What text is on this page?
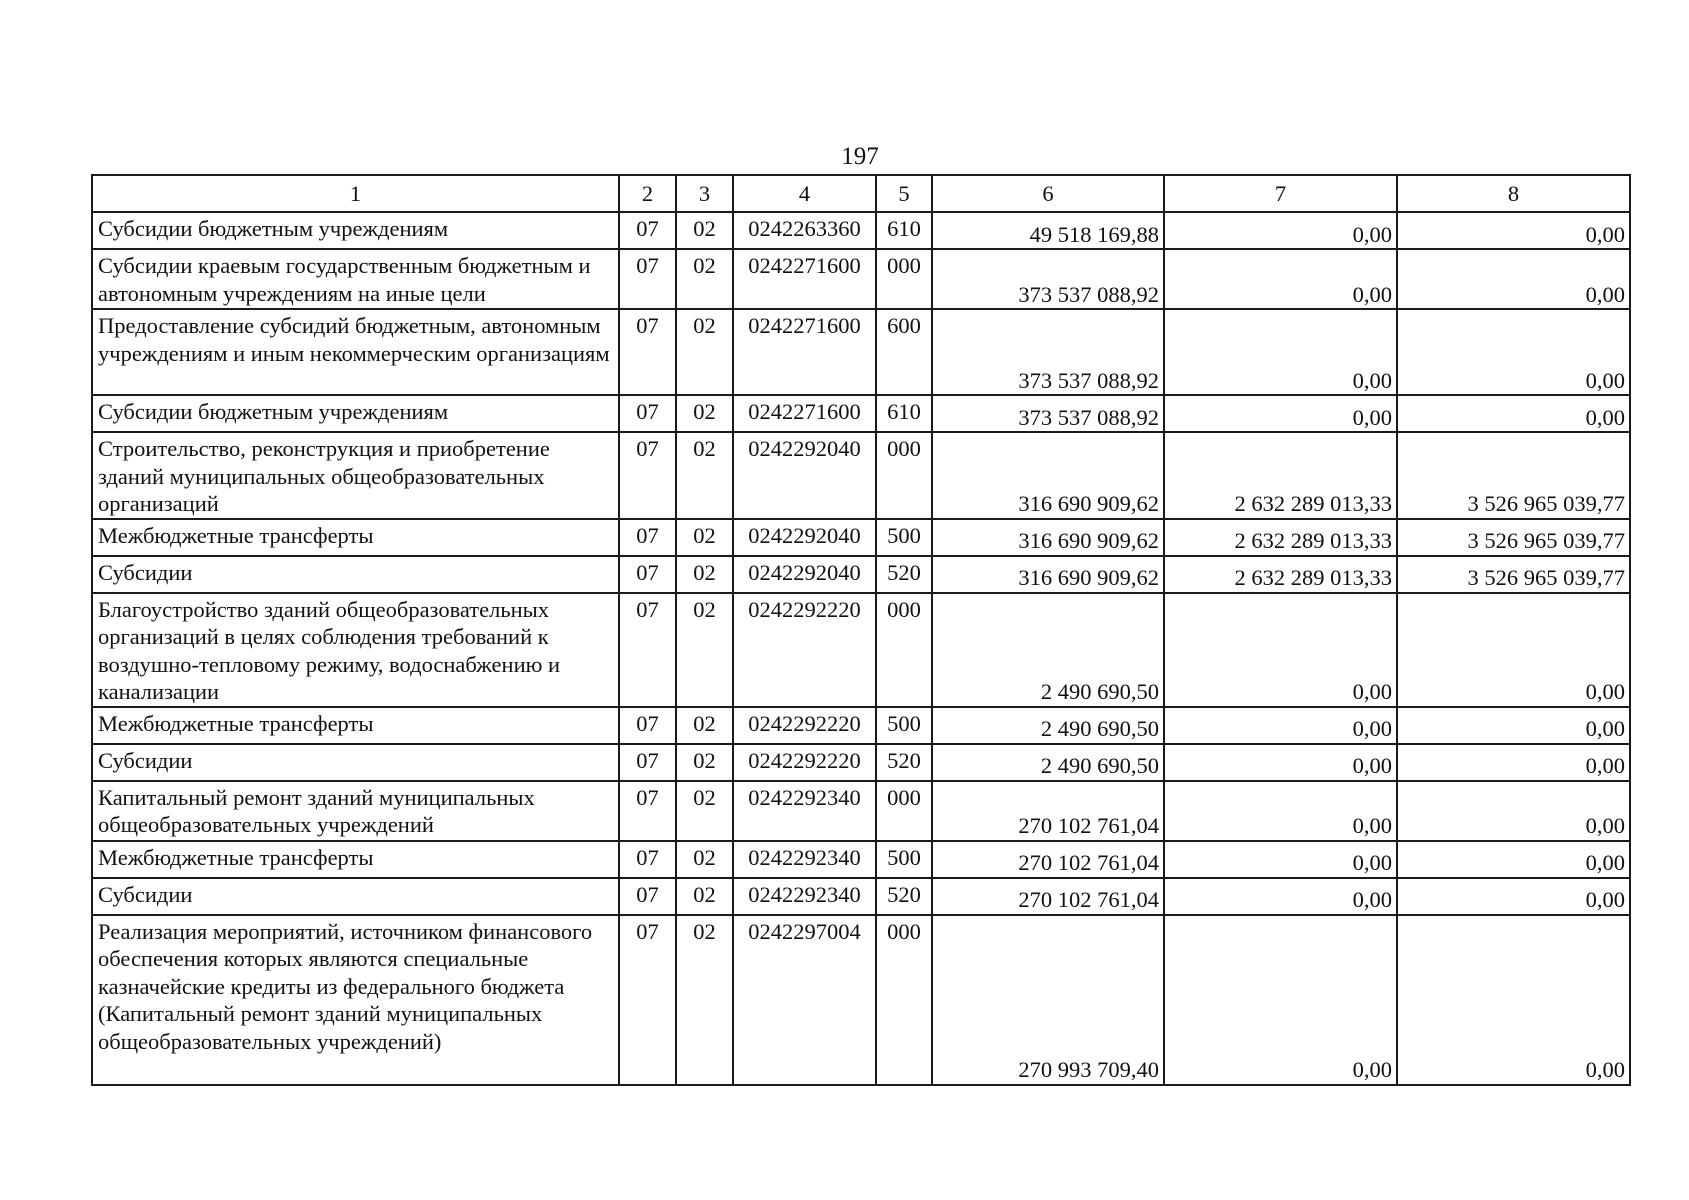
197
1	2	3	4	5	6	7	8
Субсидии бюджетным учреждениям	07	02	0242263360	610	49 518 169,88	0,00	0,00
Субсидии краевым государственным бюджетным и автономным учреждениям на иные цели	07	02	0242271600	000	373 537 088,92	0,00	0,00
Предоставление субсидий бюджетным, автономным учреждениям и иным некоммерческим организациям	07	02	0242271600	600	373 537 088,92	0,00	0,00
Субсидии бюджетным учреждениям	07	02	0242271600	610	373 537 088,92	0,00	0,00
Строительство, реконструкция и приобретение зданий муниципальных общеобразовательных организаций	07	02	0242292040	000	316 690 909,62	2 632 289 013,33	3 526 965 039,77
Межбюджетные трансферты	07	02	0242292040	500	316 690 909,62	2 632 289 013,33	3 526 965 039,77
Субсидии	07	02	0242292040	520	316 690 909,62	2 632 289 013,33	3 526 965 039,77
Благоустройство зданий общеобразовательных организаций в целях соблюдения требований к воздушно-тепловому режиму, водоснабжению и канализации	07	02	0242292220	000	2 490 690,50	0,00	0,00
Межбюджетные трансферты	07	02	0242292220	500	2 490 690,50	0,00	0,00
Субсидии	07	02	0242292220	520	2 490 690,50	0,00	0,00
Капитальный ремонт зданий муниципальных общеобразовательных учреждений	07	02	0242292340	000	270 102 761,04	0,00	0,00
Межбюджетные трансферты	07	02	0242292340	500	270 102 761,04	0,00	0,00
Субсидии	07	02	0242292340	520	270 102 761,04	0,00	0,00
Реализация мероприятий, источником финансового обеспечения которых являются специальные казначейские кредиты из федерального бюджета (Капитальный ремонт зданий муниципальных общеобразовательных учреждений)	07	02	0242297004	000	270 993 709,40	0,00	0,00
